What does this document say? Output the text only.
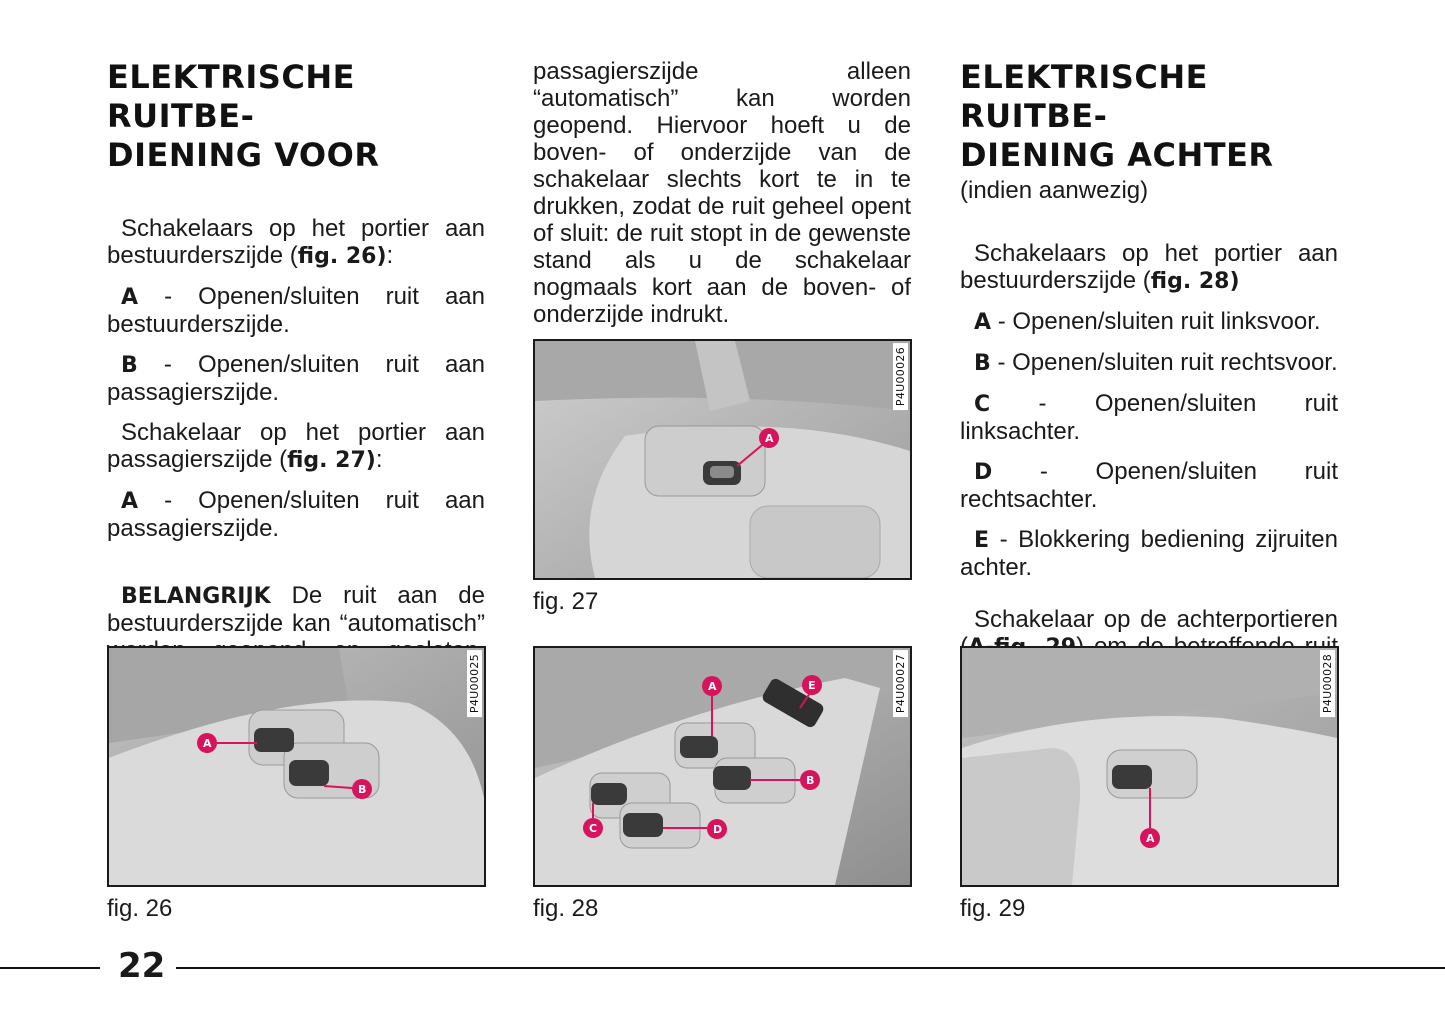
ELEKTRISCHE RUITBE-
DIENING VOOR

Schakelaars op het portier aan bestuurderszijde (fig. 26):

A - Openen/sluiten ruit aan bestuurderszijde.

B - Openen/sluiten ruit aan passagierszijde.

Schakelaar op het portier aan passagierszijde (fig. 27):

A - Openen/sluiten ruit aan passagierszijde.

BELANGRIJK De ruit aan de bestuurderszijde kan “automatisch”

passagierszijde alleen “automatisch” kan worden geopend. Hiervoor hoeft u de boven- of onderzijde van de schakelaar slechts kort te in te drukken, zodat de ruit geheel opent of sluit: de ruit stopt in de gewenste stand als u de schakelaar nogmaals kort aan de boven- of onderzijde indrukt.

ELEKTRISCHE RUITBE-
DIENING ACHTER
(indien aanwezig)

Schakelaars op het portier aan bestuurderszijde (fig. 28)

A - Openen/sluiten ruit linksvoor.

B - Openen/sluiten ruit rechtsvoor.

C - Openen/sluiten ruit linksachter.

D - Openen/sluiten ruit rechtsachter.

E - Blokkering bediening zijruiten achter.

Schakelaar op de achterportieren

A
P4U00026
fig. 27
A
B
P4U00025
fig. 26
A	E
B
C	D
P4U00027
fig. 28
A
P4U00028
fig. 29
22
